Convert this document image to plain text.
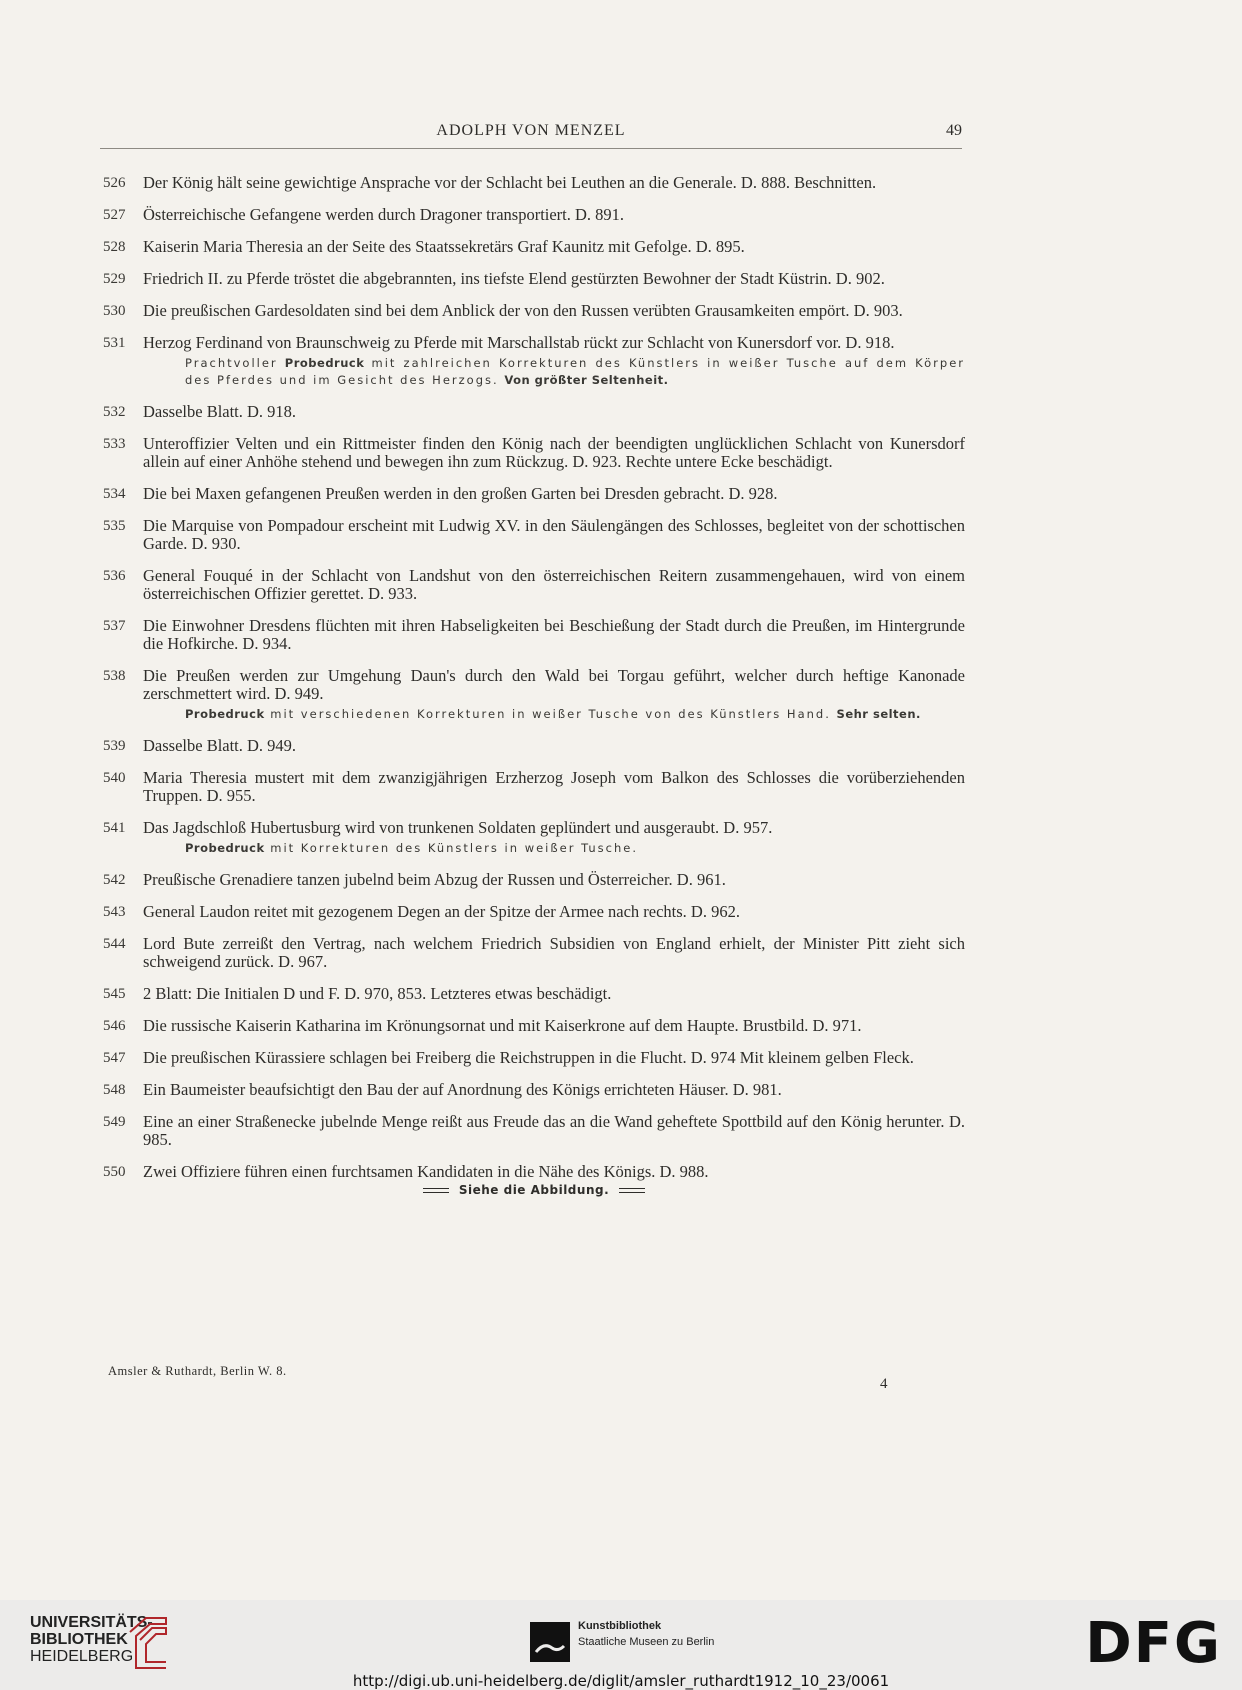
ADOLPH VON MENZEL	49
526	Der König hält seine gewichtige Ansprache vor der Schlacht bei Leuthen an die Generale. D. 888. Beschnitten.
527	Österreichische Gefangene werden durch Dragoner transportiert. D. 891.
528	Kaiserin Maria Theresia an der Seite des Staatssekretärs Graf Kaunitz mit Gefolge. D. 895.
529	Friedrich II. zu Pferde tröstet die abgebrannten, ins tiefste Elend gestürzten Bewohner der Stadt Küstrin. D. 902.
530	Die preußischen Gardesoldaten sind bei dem Anblick der von den Russen verübten Grausamkeiten empört. D. 903.
531	Herzog Ferdinand von Braunschweig zu Pferde mit Marschallstab rückt zur Schlacht von Kunersdorf vor. D. 918.
Prachtvoller Probedruck mit zahlreichen Korrekturen des Künstlers in weißer Tusche auf dem Körper des Pferdes und im Gesicht des Herzogs. Von größter Seltenheit.
532	Dasselbe Blatt. D. 918.
533	Unteroffizier Velten und ein Rittmeister finden den König nach der beendigten unglücklichen Schlacht von Kunersdorf allein auf einer Anhöhe stehend und bewegen ihn zum Rückzug. D. 923. Rechte untere Ecke beschädigt.
534	Die bei Maxen gefangenen Preußen werden in den großen Garten bei Dresden gebracht. D. 928.
535	Die Marquise von Pompadour erscheint mit Ludwig XV. in den Säulengängen des Schlosses, begleitet von der schottischen Garde. D. 930.
536	General Fouqué in der Schlacht von Landshut von den österreichischen Reitern zusammengehauen, wird von einem österreichischen Offizier gerettet. D. 933.
537	Die Einwohner Dresdens flüchten mit ihren Habseligkeiten bei Beschießung der Stadt durch die Preußen, im Hintergrunde die Hofkirche. D. 934.
538	Die Preußen werden zur Umgehung Daun's durch den Wald bei Torgau geführt, welcher durch heftige Kanonade zerschmettert wird. D. 949.
Probedruck mit verschiedenen Korrekturen in weißer Tusche von des Künstlers Hand. Sehr selten.
539	Dasselbe Blatt. D. 949.
540	Maria Theresia mustert mit dem zwanzigjährigen Erzherzog Joseph vom Balkon des Schlosses die vorüberziehenden Truppen. D. 955.
541	Das Jagdschloß Hubertusburg wird von trunkenen Soldaten geplündert und ausgeraubt. D. 957.
Probedruck mit Korrekturen des Künstlers in weißer Tusche.
542	Preußische Grenadiere tanzen jubelnd beim Abzug der Russen und Österreicher. D. 961.
543	General Laudon reitet mit gezogenem Degen an der Spitze der Armee nach rechts. D. 962.
544	Lord Bute zerreißt den Vertrag, nach welchem Friedrich Subsidien von England erhielt, der Minister Pitt zieht sich schweigend zurück. D. 967.
545	2 Blatt: Die Initialen D und F. D. 970, 853. Letzteres etwas beschädigt.
546	Die russische Kaiserin Katharina im Krönungsornat und mit Kaiserkrone auf dem Haupte. Brustbild. D. 971.
547	Die preußischen Kürassiere schlagen bei Freiberg die Reichstruppen in die Flucht. D. 974 Mit kleinem gelben Fleck.
548	Ein Baumeister beaufsichtigt den Bau der auf Anordnung des Königs errichteten Häuser. D. 981.
549	Eine an einer Straßenecke jubelnde Menge reißt aus Freude das an die Wand geheftete Spottbild auf den König herunter. D. 985.
550	Zwei Offiziere führen einen furchtsamen Kandidaten in die Nähe des Königs. D. 988.
Siehe die Abbildung.
Amsler & Ruthardt, Berlin W. 8.
4
UNIVERSITÄTS-
BIBLIOTHEK
HEIDELBERG
Kunstbibliothek
Staatliche Museen zu Berlin	DFG
http://digi.ub.uni-heidelberg.de/diglit/amsler_ruthardt1912_10_23/0061
